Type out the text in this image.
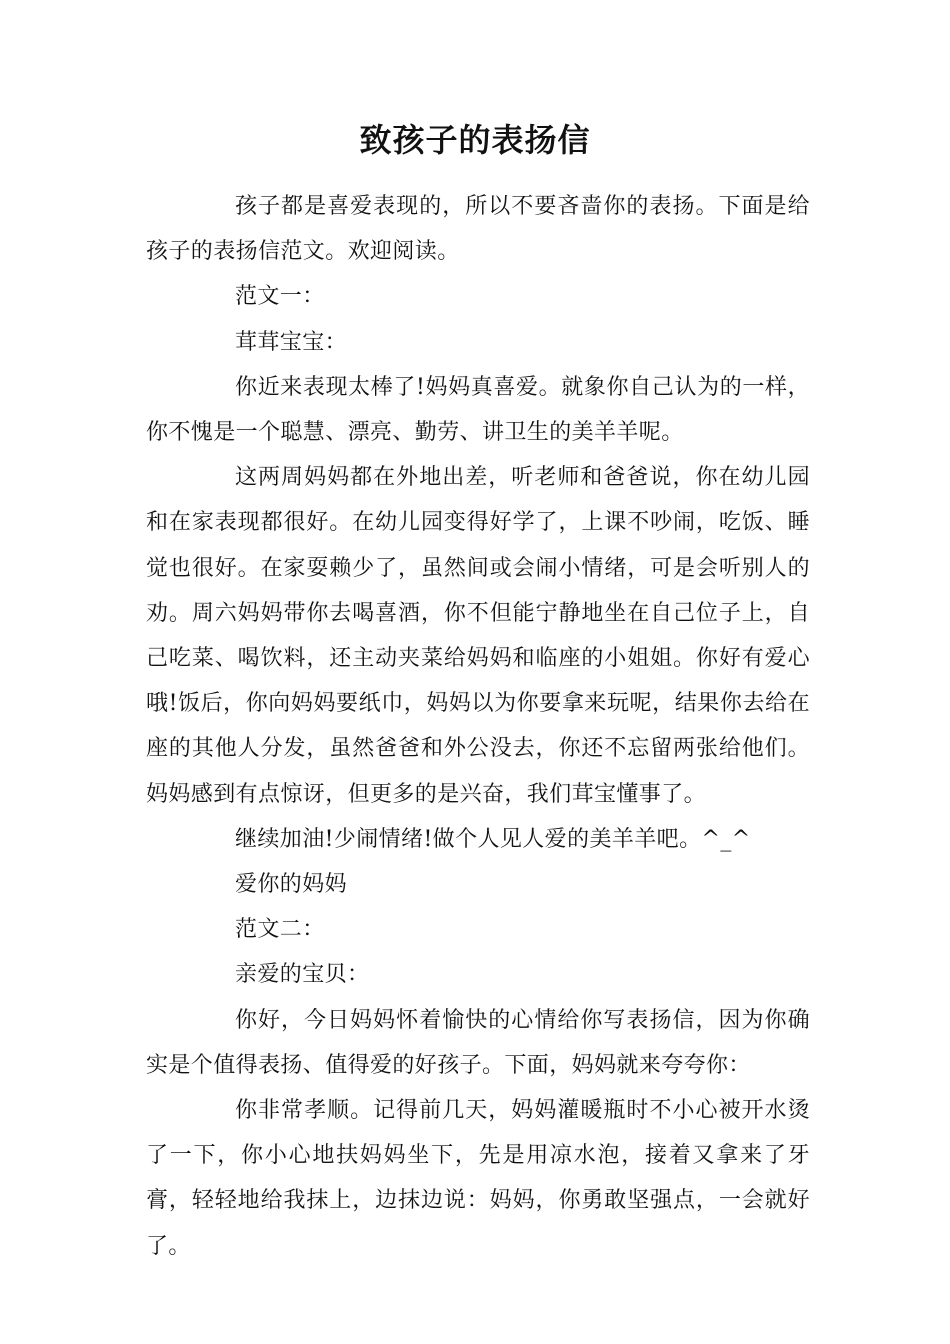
致孩子的表扬信

孩子都是喜爱表现的，所以不要吝啬你的表扬。下面是给孩子的表扬信范文。欢迎阅读。

范文一：

茸茸宝宝：

你近来表现太棒了!妈妈真喜爱。就象你自己认为的一样，你不愧是一个聪慧、漂亮、勤劳、讲卫生的美羊羊呢。

这两周妈妈都在外地出差，听老师和爸爸说，你在幼儿园和在家表现都很好。在幼儿园变得好学了，上课不吵闹，吃饭、睡觉也很好。在家耍赖少了，虽然间或会闹小情绪，可是会听别人的劝。周六妈妈带你去喝喜酒，你不但能宁静地坐在自己位子上，自己吃菜、喝饮料，还主动夹菜给妈妈和临座的小姐姐。你好有爱心哦!饭后，你向妈妈要纸巾，妈妈以为你要拿来玩呢，结果你去给在座的其他人分发，虽然爸爸和外公没去，你还不忘留两张给他们。妈妈感到有点惊讶，但更多的是兴奋，我们茸宝懂事了。

继续加油!少闹情绪!做个人见人爱的美羊羊吧。^_^

爱你的妈妈

范文二：

亲爱的宝贝：

你好，今日妈妈怀着愉快的心情给你写表扬信，因为你确实是个值得表扬、值得爱的好孩子。下面，妈妈就来夸夸你：

你非常孝顺。记得前几天，妈妈灌暖瓶时不小心被开水烫了一下，你小心地扶妈妈坐下，先是用凉水泡，接着又拿来了牙膏，轻轻地给我抹上，边抹边说：妈妈，你勇敢坚强点，一会就好了。
